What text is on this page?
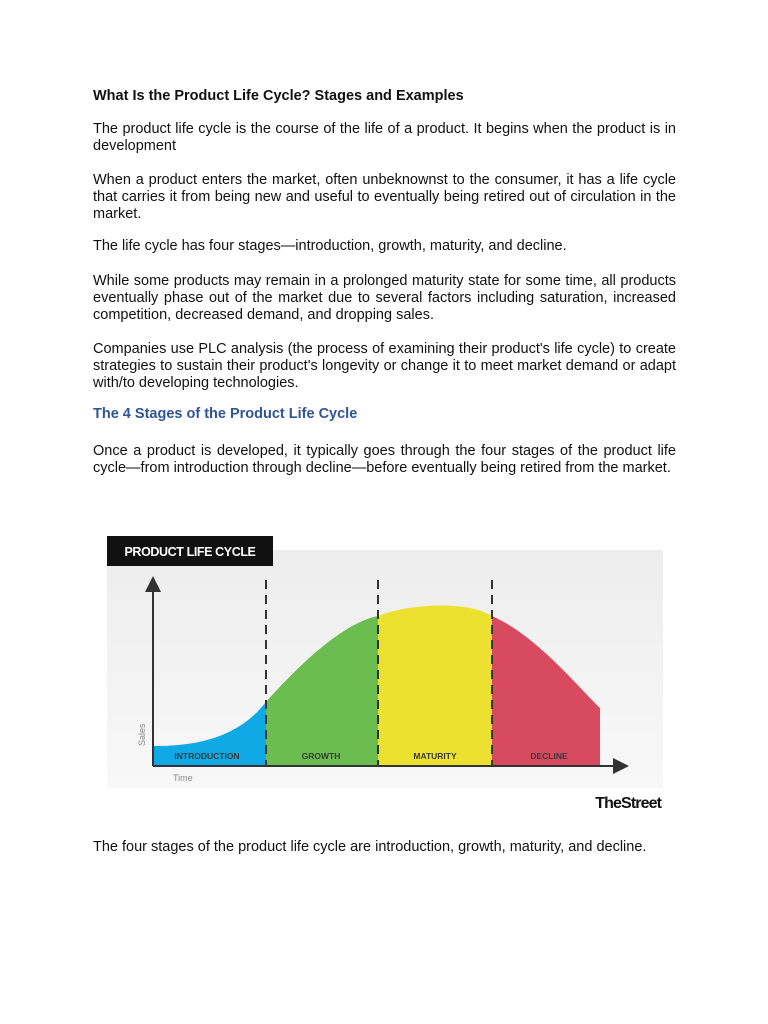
What Is the Product Life Cycle? Stages and Examples

The product life cycle is the course of the life of a product. It begins when the product is in development

When a product enters the market, often unbeknownst to the consumer, it has a life cycle that carries it from being new and useful to eventually being retired out of circulation in the market.

The life cycle has four stages—introduction, growth, maturity, and decline.

While some products may remain in a prolonged maturity state for some time, all products eventually phase out of the market due to several factors including saturation, increased competition, decreased demand, and dropping sales.

Companies use PLC analysis (the process of examining their product's life cycle) to create strategies to sustain their product's longevity or change it to meet market demand or adapt with/to developing technologies.

The 4 Stages of the Product Life Cycle

Once a product is developed, it typically goes through the four stages of the product life cycle—from introduction through decline—before eventually being retired from the market.

The four stages of the product life cycle are introduction, growth, maturity, and decline.

INTRODUCTION	GROWTH	MATURITY	DECLINE
Sales
Time
PRODUCT LIFE CYCLE
TheStreet
